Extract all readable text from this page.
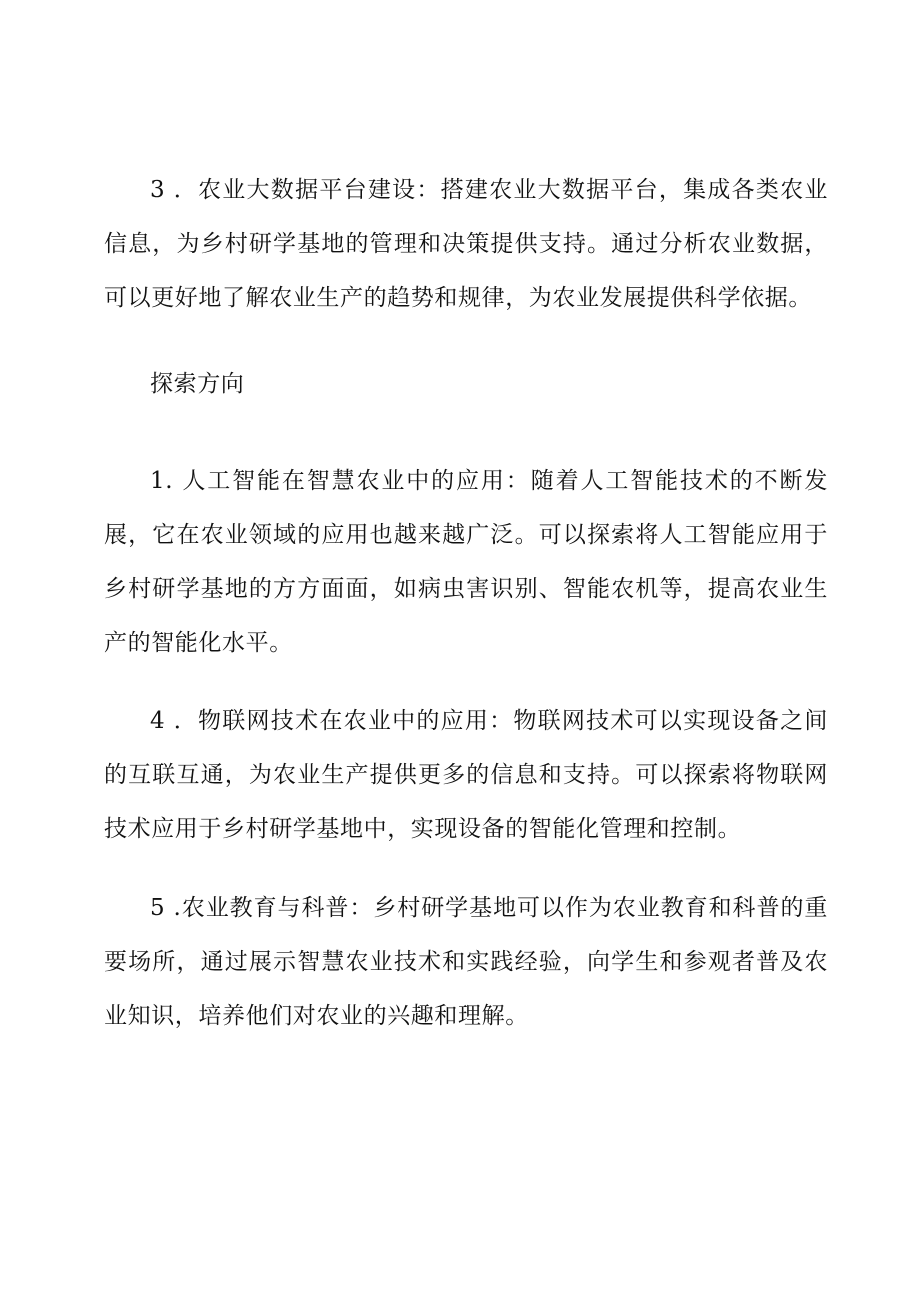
3 ．农业大数据平台建设：搭建农业大数据平台，集成各类农业信息，为乡村研学基地的管理和决策提供支持。通过分析农业数据，可以更好地了解农业生产的趋势和规律，为农业发展提供科学依据。

探索方向

1. 人工智能在智慧农业中的应用：随着人工智能技术的不断发展，它在农业领域的应用也越来越广泛。可以探索将人工智能应用于乡村研学基地的方方面面，如病虫害识别、智能农机等，提高农业生产的智能化水平。

4 ．物联网技术在农业中的应用：物联网技术可以实现设备之间的互联互通，为农业生产提供更多的信息和支持。可以探索将物联网技术应用于乡村研学基地中，实现设备的智能化管理和控制。

5 .农业教育与科普：乡村研学基地可以作为农业教育和科普的重要场所，通过展示智慧农业技术和实践经验，向学生和参观者普及农业知识，培养他们对农业的兴趣和理解。
